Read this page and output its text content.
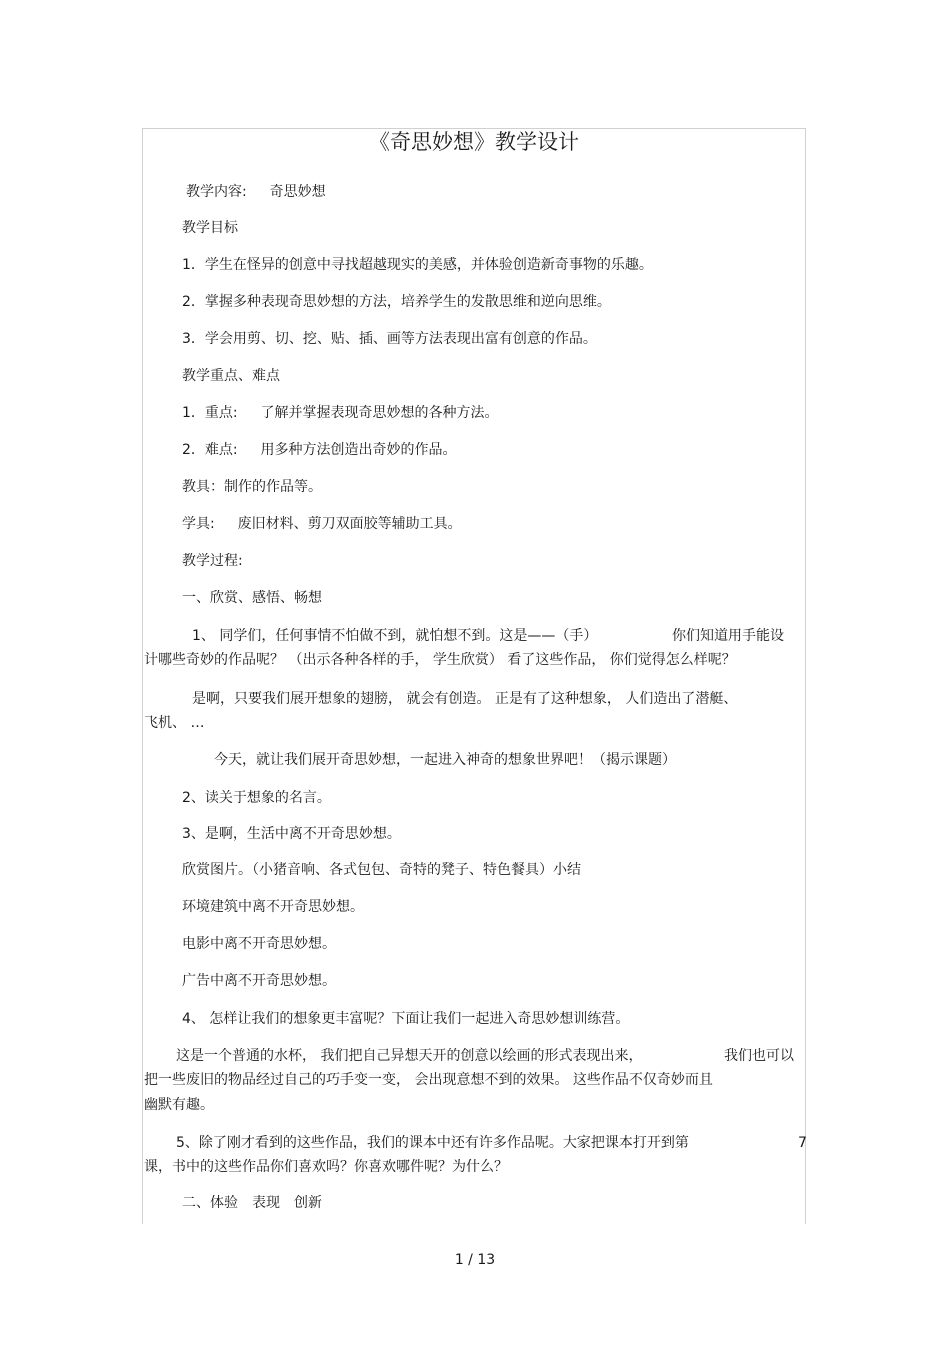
《奇思妙想》教学设计

教学内容: 奇思妙想

教学目标

1．学生在怪异的创意中寻找超越现实的美感，并体验创造新奇事物的乐趣。

2．掌握多种表现奇思妙想的方法，培养学生的发散思维和逆向思维。

3．学会用剪、切、挖、贴、插、画等方法表现出富有创意的作品。

教学重点、难点

1．重点: 了解并掌握表现奇思妙想的各种方法。

2．难点: 用多种方法创造出奇妙的作品。

教具：制作的作品等。

学具: 废旧材料、剪刀双面胶等辅助工具。

教学过程:

一、欣赏、感悟、畅想

1、 同学们，任何事情不怕做不到，就怕想不到。这是——（手）	你们知道用手能设

计哪些奇妙的作品呢？ （出示各种各样的手， 学生欣赏） 看了这些作品， 你们觉得怎么样呢？

是啊，只要我们展开想象的翅膀， 就会有创造。 正是有了这种想象， 人们造出了潜艇、

飞机、 …

今天，就让我们展开奇思妙想，一起进入神奇的想象世界吧！（揭示课题）

2、读关于想象的名言。

3、是啊，生活中离不开奇思妙想。

欣赏图片。（小猪音响、各式包包、奇特的凳子、特色餐具）小结

环境建筑中离不开奇思妙想。

电影中离不开奇思妙想。

广告中离不开奇思妙想。

4、 怎样让我们的想象更丰富呢？下面让我们一起进入奇思妙想训练营。

这是一个普通的水杯， 我们把自己异想天开的创意以绘画的形式表现出来，	我们也可以

把一些废旧的物品经过自己的巧手变一变， 会出现意想不到的效果。 这些作品不仅奇妙而且

幽默有趣。

5、除了刚才看到的这些作品，我们的课本中还有许多作品呢。大家把课本打开到第	7

课，书中的这些作品你们喜欢吗？你喜欢哪件呢？为什么？

二、体验　表现　创新

1 / 13
